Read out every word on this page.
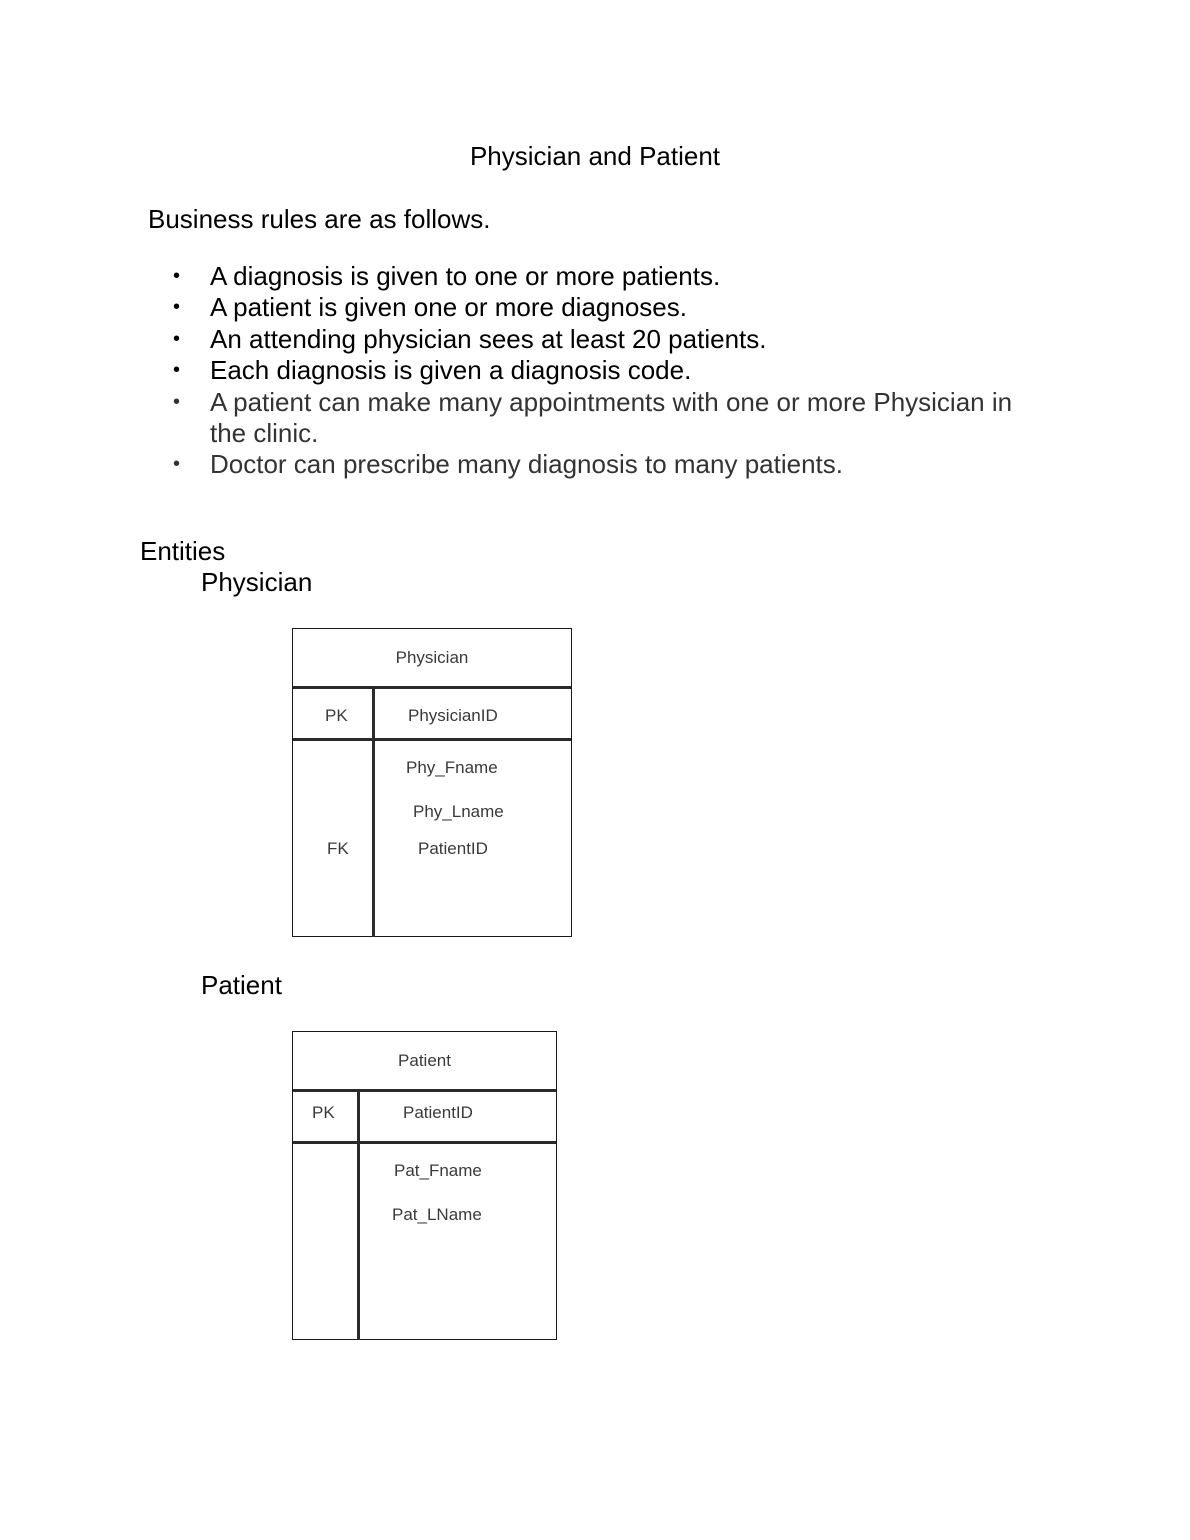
Physician and Patient
Business rules are as follows.
• A diagnosis is given to one or more patients.
• A patient is given one or more diagnoses.
• An attending physician sees at least 20 patients.
• Each diagnosis is given a diagnosis code.
• A patient can make many appointments with one or more Physician in the clinic.
• Doctor can prescribe many diagnosis to many patients.
Entities
Physician
Physician
PK	PhysicianID
Phy_Fname
Phy_Lname
FK	PatientID
Patient
Patient
PK	PatientID
Pat_Fname
Pat_LName
